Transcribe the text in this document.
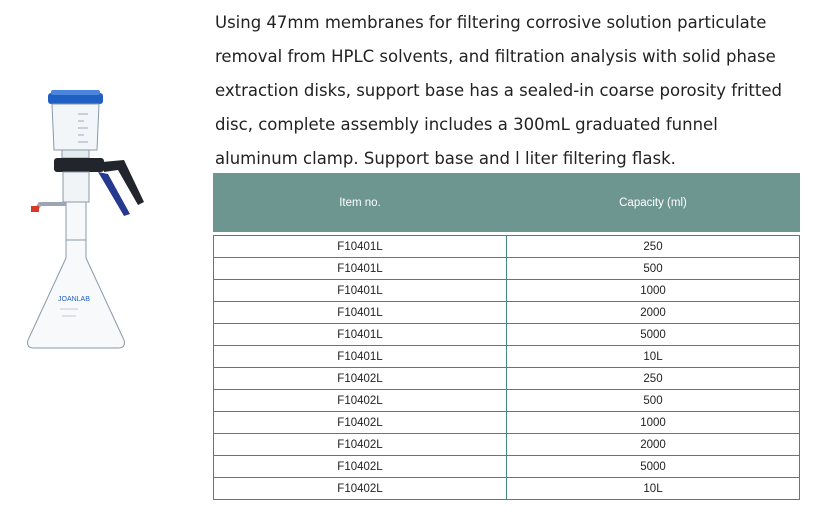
JOANLAB

Using 47mm membranes for filtering corrosive solution particulate

removal from HPLC solvents, and filtration analysis with solid phase

extraction disks, support base has a sealed-in coarse porosity fritted

disc, complete assembly includes a 300mL graduated funnel

aluminum clamp. Support base and l liter filtering flask.

Item no.	Capacity (ml)

F10401L	250
F10401L	500
F10401L	1000
F10401L	2000
F10401L	5000
F10401L	10L
F10402L	250
F10402L	500
F10402L	1000
F10402L	2000
F10402L	5000
F10402L	10L
